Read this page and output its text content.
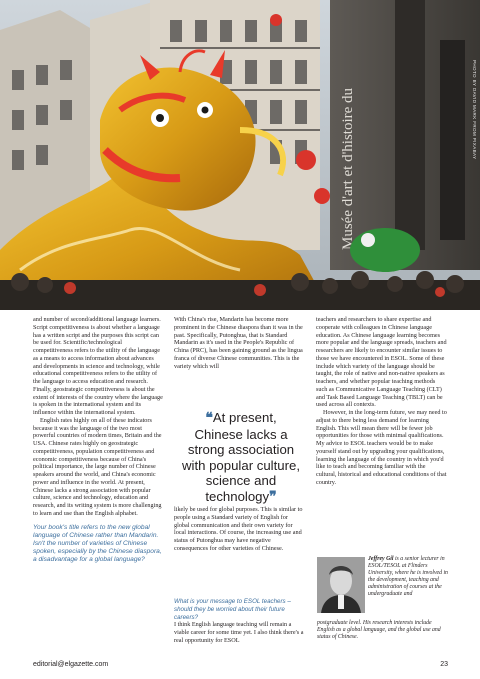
Musée d'art et d'histoire du	PHOTO BY DAVID MARK FROM PIXABAY

and number of second/additional language learners. Script competitiveness is about whether a language has a written script and the purposes this script can be used for. Scientific/technological competitiveness refers to the utility of the language as a means to access information about advances and developments in science and technology, while educational competitiveness refers to the utility of the language to access education and research. Finally, geostrategic competitiveness is about the extent of interests of the country where the language is spoken in the international system and its influence within the international system.

English rates highly on all of these indicators because it was the language of the two most powerful countries of modern times, Britain and the USA. Chinese rates highly on geostrategic competitiveness, population competitiveness and economic competitiveness because of China's political importance, the large number of Chinese speakers around the world, and China's economic power and influence in the world. At present, Chinese lacks a strong association with popular culture, science and technology, education and research, and its writing system is more challenging to learn and use than the English alphabet.

Your book's title refers to the new global language of Chinese rather than Mandarin. Isn't the number of varieties of Chinese spoken, especially by the Chinese diaspora, a disadvantage for a global language?

With China's rise, Mandarin has become more prominent in the Chinese diaspora than it was in the past. Specifically, Putonghua, that is Standard Mandarin as it's used in the People's Republic of China (PRC), has been gaining ground as the lingua franca of diverse Chinese communities. This is the variety which will

❝At present, Chinese lacks a strong association with popular culture, science and technology❞

likely be used for global purposes. This is similar to people using a Standard variety of English for global communication and their own variety for local interactions. Of course, the increasing use and status of Putonghua may have negative consequences for other varieties of Chinese.

What is your message to ESOL teachers – should they be worried about their future careers?

I think English language teaching will remain a viable career for some time yet. I also think there's a real opportunity for ESOL

teachers and researchers to share expertise and cooperate with colleagues in Chinese language education. As Chinese language learning becomes more popular and the language spreads, teachers and researchers are likely to encounter similar issues to those we have encountered in ESOL. Some of these include which variety of the language should be taught, the role of native and non-native speakers as teachers, and whether popular teaching methods such as Communicative Language Teaching (CLT) and Task Based Language Teaching (TBLT) can be used across all contexts.

However, in the long-term future, we may need to adjust to there being less demand for learning English. This will mean there will be fewer job opportunities for those with minimal qualifications. My advice to ESOL teachers would be to make yourself stand out by upgrading your qualifications, learning the language of the country in which you'd like to teach and becoming familiar with the cultural, historical and educational conditions of that country.

Jeffrey Gil is a senior lecturer in ESOL/TESOL at Flinders University, where he is involved in the development, teaching and administration of courses at the undergraduate and
postgraduate level. His research interests include English as a global language, and the global use and status of Chinese.
editorial@elgazette.com	23
